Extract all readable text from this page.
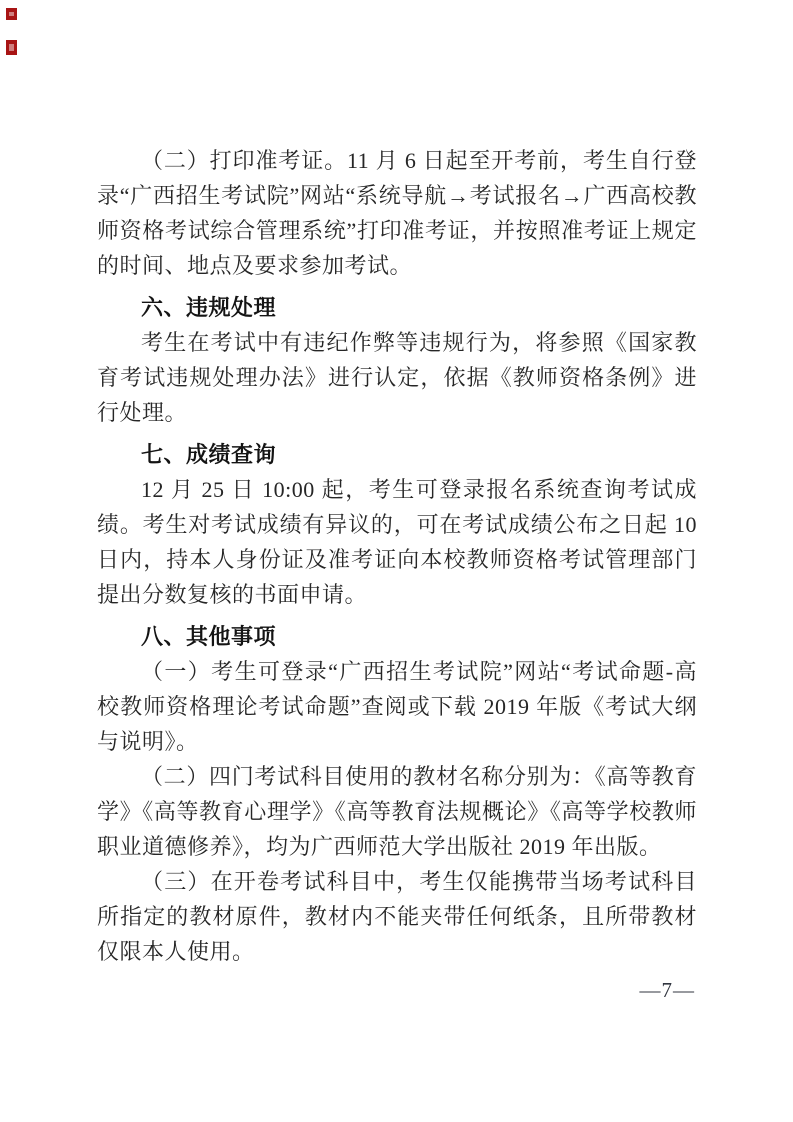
（二）打印准考证。11 月 6 日起至开考前，考生自行登录“广西招生考试院”网站“系统导航→考试报名→广西高校教师资格考试综合管理系统”打印准考证，并按照准考证上规定的时间、地点及要求参加考试。

六、违规处理

考生在考试中有违纪作弊等违规行为，将参照《国家教育考试违规处理办法》进行认定，依据《教师资格条例》进行处理。

七、成绩查询

12 月 25 日 10:00 起，考生可登录报名系统查询考试成绩。考生对考试成绩有异议的，可在考试成绩公布之日起 10 日内，持本人身份证及准考证向本校教师资格考试管理部门提出分数复核的书面申请。

八、其他事项

（一）考生可登录“广西招生考试院”网站“考试命题-高校教师资格理论考试命题”查阅或下载 2019 年版《考试大纲与说明》。

（二）四门考试科目使用的教材名称分别为：《高等教育学》《高等教育心理学》《高等教育法规概论》《高等学校教师职业道德修养》，均为广西师范大学出版社 2019 年出版。

（三）在开卷考试科目中，考生仅能携带当场考试科目所指定的教材原件，教材内不能夹带任何纸条，且所带教材仅限本人使用。

—7—
